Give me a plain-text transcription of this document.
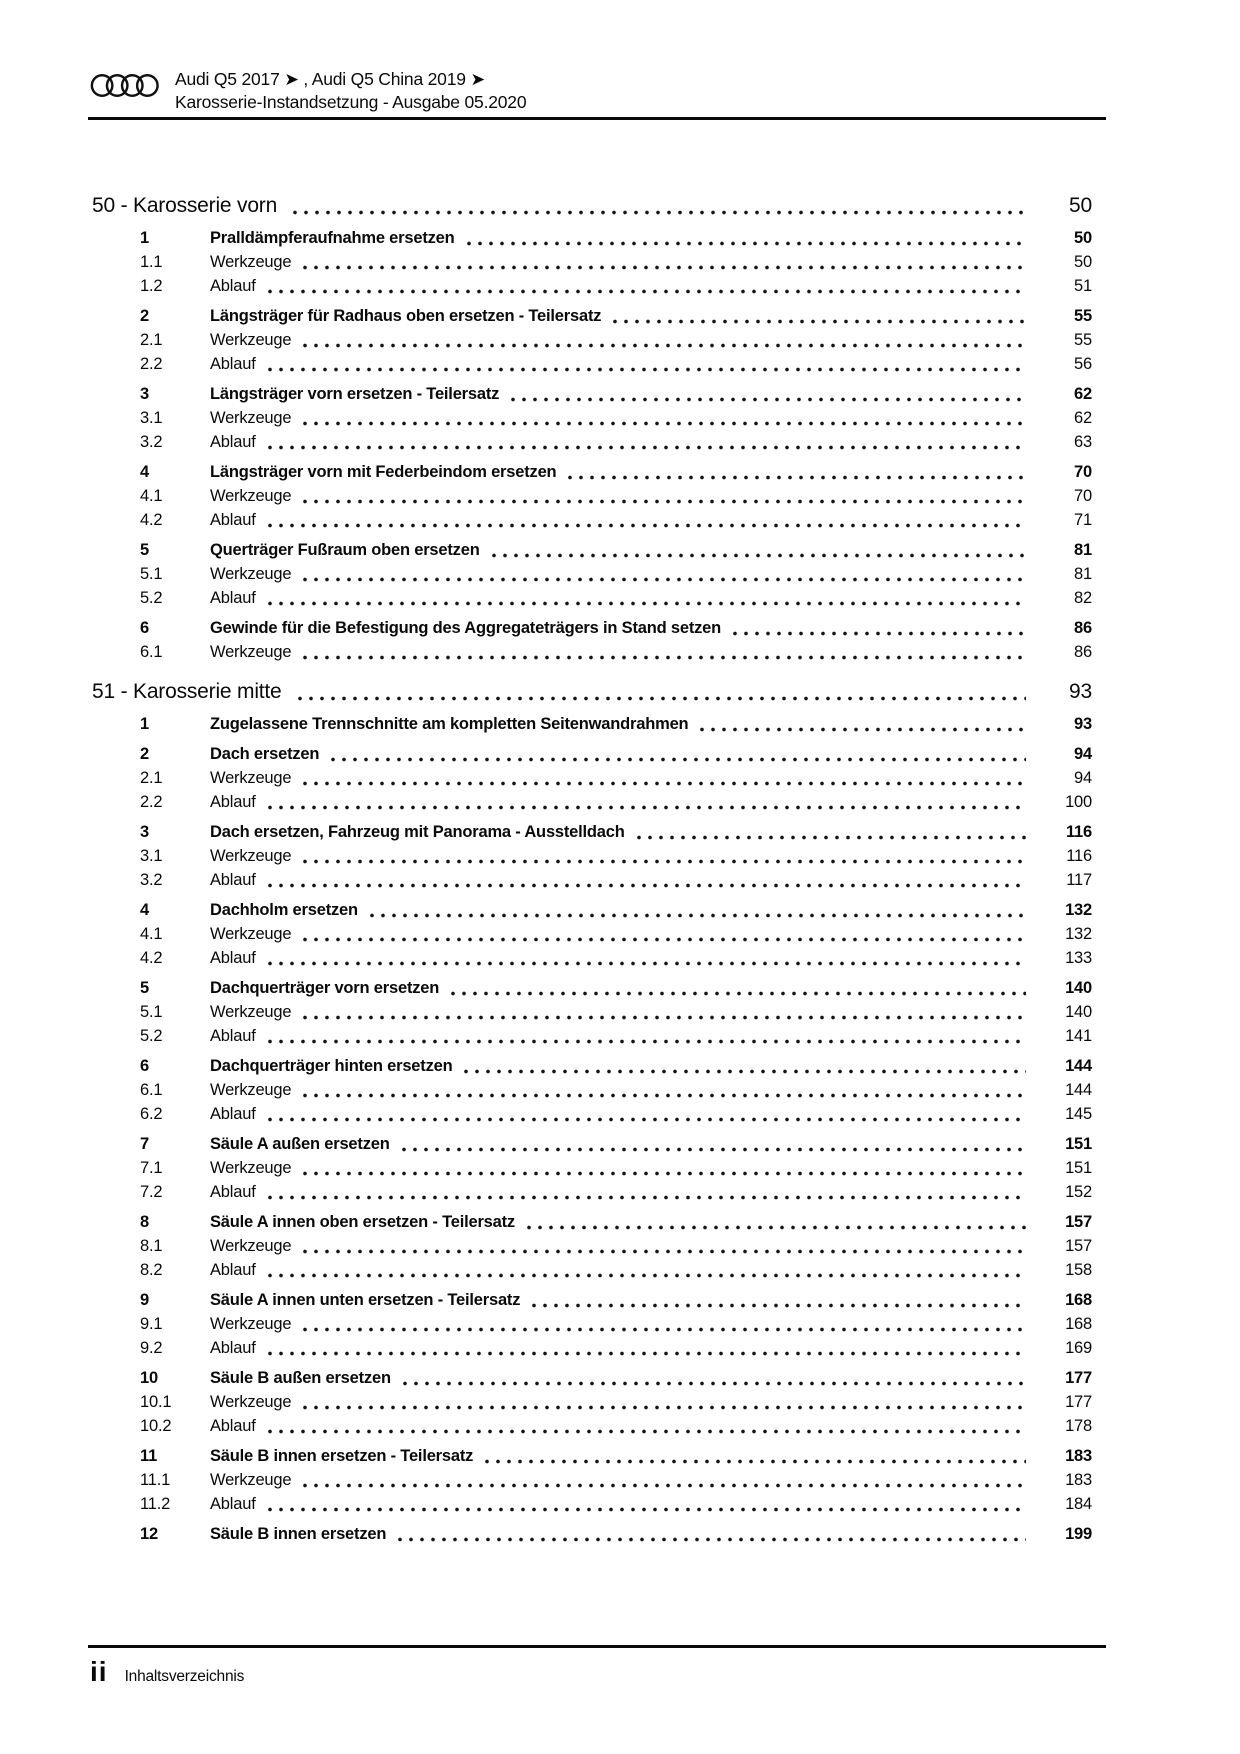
Audi Q5 2017 ➤ , Audi Q5 China 2019 ➤
Karosserie-Instandsetzung - Ausgabe 05.2020
50 - Karosserie vorn	50
1	Pralldämpferaufnahme ersetzen	50
1.1	Werkzeuge	50
1.2	Ablauf	51
2	Längsträger für Radhaus oben ersetzen - Teilersatz	55
2.1	Werkzeuge	55
2.2	Ablauf	56
3	Längsträger vorn ersetzen - Teilersatz	62
3.1	Werkzeuge	62
3.2	Ablauf	63
4	Längsträger vorn mit Federbeindom ersetzen	70
4.1	Werkzeuge	70
4.2	Ablauf	71
5	Querträger Fußraum oben ersetzen	81
5.1	Werkzeuge	81
5.2	Ablauf	82
6	Gewinde für die Befestigung des Aggregateträgers in Stand setzen	86
6.1	Werkzeuge	86
51 - Karosserie mitte	93
1	Zugelassene Trennschnitte am kompletten Seitenwandrahmen	93
2	Dach ersetzen	94
2.1	Werkzeuge	94
2.2	Ablauf	100
3	Dach ersetzen, Fahrzeug mit Panorama - Ausstelldach	116
3.1	Werkzeuge	116
3.2	Ablauf	117
4	Dachholm ersetzen	132
4.1	Werkzeuge	132
4.2	Ablauf	133
5	Dachquerträger vorn ersetzen	140
5.1	Werkzeuge	140
5.2	Ablauf	141
6	Dachquerträger hinten ersetzen	144
6.1	Werkzeuge	144
6.2	Ablauf	145
7	Säule A außen ersetzen	151
7.1	Werkzeuge	151
7.2	Ablauf	152
8	Säule A innen oben ersetzen - Teilersatz	157
8.1	Werkzeuge	157
8.2	Ablauf	158
9	Säule A innen unten ersetzen - Teilersatz	168
9.1	Werkzeuge	168
9.2	Ablauf	169
10	Säule B außen ersetzen	177
10.1	Werkzeuge	177
10.2	Ablauf	178
11	Säule B innen ersetzen - Teilersatz	183
11.1	Werkzeuge	183
11.2	Ablauf	184
12	Säule B innen ersetzen	199
ii Inhaltsverzeichnis
